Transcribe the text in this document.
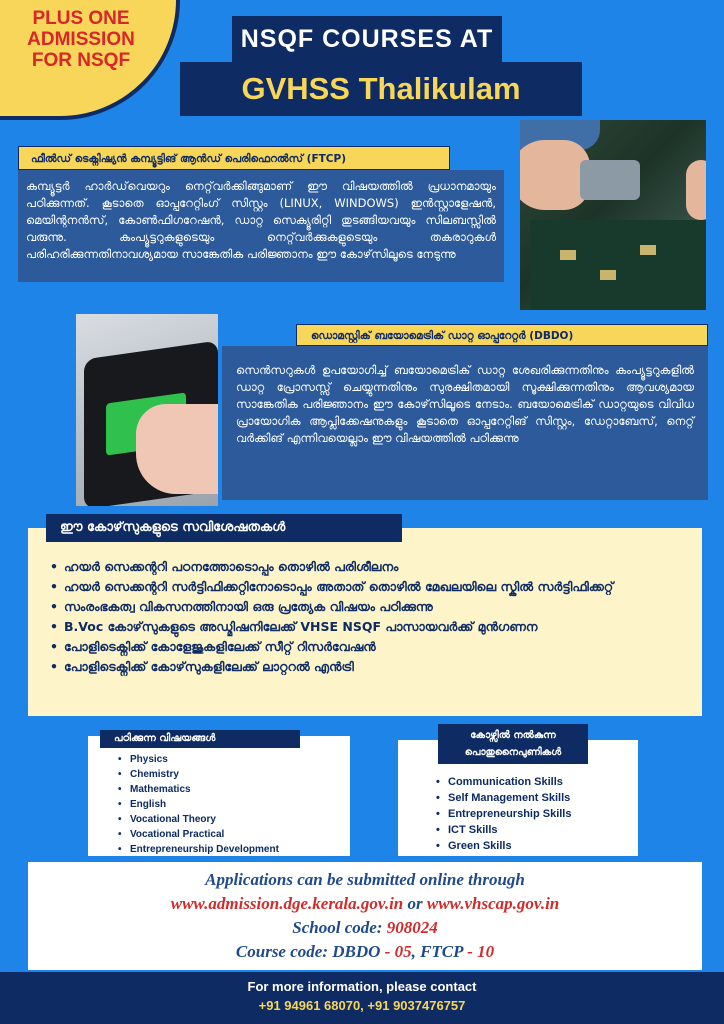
PLUS ONE ADMISSION FOR NSQF
NSQF COURSES AT
GVHSS Thalikulam
ഫീൽഡ് ടെക്നിഷ്യൻ കമ്പ്യൂട്ടിങ് ആൻഡ് പെരിഫെറൽസ് (FTCP)
കമ്പ്യൂട്ടർ ഹാർഡ്‌വെയറും നെറ്റ്‌വർക്കിങ്ങുമാണ് ഈ വിഷയത്തിൽ പ്രധാനമായും പഠിക്കുന്നത്. കൂടാതെ ഓപ്പറേറ്റിംഗ് സിസ്റ്റം (LINUX, WINDOWS) ഇൻസ്റ്റാളേഷൻ, മെയിന്റനൻസ്, കോൺഫിഗറേഷൻ, ഡാറ്റ സെക്യൂരിറ്റി തുടങ്ങിയവയും സിലബസ്സിൽ വരുന്നു. കംപ്യൂട്ടറുകളുടെയും നെറ്റ്‌വർക്കുകളുടെയും തകരാറുകൾ പരിഹരിക്കുന്നതിനാവശ്യമായ സാങ്കേതിക പരിജ്ഞാനം ഈ കോഴ്‌സിലൂടെ നേടുന്നു
ഡൊമസ്റ്റിക് ബയോമെട്രിക് ഡാറ്റ ഓപ്പറേറ്റർ (DBDO)
സെൻസറുകൾ ഉപയോഗിച്ച് ബയോമെട്രിക് ഡാറ്റ ശേഖരിക്കുന്നതിനും കംപ്യൂട്ടറുകളിൽ ഡാറ്റ പ്രോസസ്സ് ചെയ്യുന്നതിനും സുരക്ഷിതമായി സൂക്ഷിക്കുന്നതിനും ആവശ്യമായ സാങ്കേതിക പരിജ്ഞാനം ഈ കോഴ്‌സിലൂടെ നേടാം. ബയോമെട്രിക് ഡാറ്റയുടെ വിവിധ പ്രായോഗിക ആപ്ലിക്കേഷനുകളും കൂടാതെ ഓപ്പറേറ്റിങ് സിസ്റ്റം, ഡേറ്റാബേസ്, നെറ്റ് വർക്കിങ് എന്നിവയെല്ലാം ഈ വിഷയത്തിൽ പഠിക്കുന്നു
• ഹയർ സെക്കന്ററി പഠനത്തോടൊപ്പം തൊഴിൽ പരിശീലനം
• ഹയർ സെക്കന്ററി സർട്ടിഫിക്കറ്റിനോടൊപ്പം അതാത് തൊഴിൽ മേഖലയിലെ സ്കിൽ സർട്ടിഫിക്കറ്റ്
• സംരംഭകത്വ വികസനത്തിനായി ഒരു പ്രത്യേക വിഷയം പഠിക്കുന്നു
• B.Voc കോഴ്‌സുകളുടെ അഡ്മിഷനിലേക്ക് VHSE NSQF പാസായവർക്ക് മുൻഗണന
• പോളിടെക്നിക്ക് കോളേജുകളിലേക്ക് സീറ്റ് റിസർവേഷൻ
• പോളിടെക്നിക്ക് കോഴ്‌സുകളിലേക്ക് ലാറ്ററൽ എൻട്രി
ഈ കോഴ്‌സുകളുടെ സവിശേഷതകൾ
• Physics
• Chemistry
• Mathematics
• English
• Vocational Theory
• Vocational Practical
• Entrepreneurship Development
പഠിക്കുന്ന വിഷയങ്ങൾ
• Communication Skills
• Self Management Skills
• Entrepreneurship Skills
• ICT Skills
• Green Skills
കോഴ്സിൽ നൽകുന്ന
പൊതുനൈപുണികൾ
Applications can be submitted online through
www.admission.dge.kerala.gov.in or www.vhscap.gov.in
School code: 908024
Course code: DBDO - 05, FTCP - 10
For more information, please contact
+91 94961 68070, +91 9037476757
